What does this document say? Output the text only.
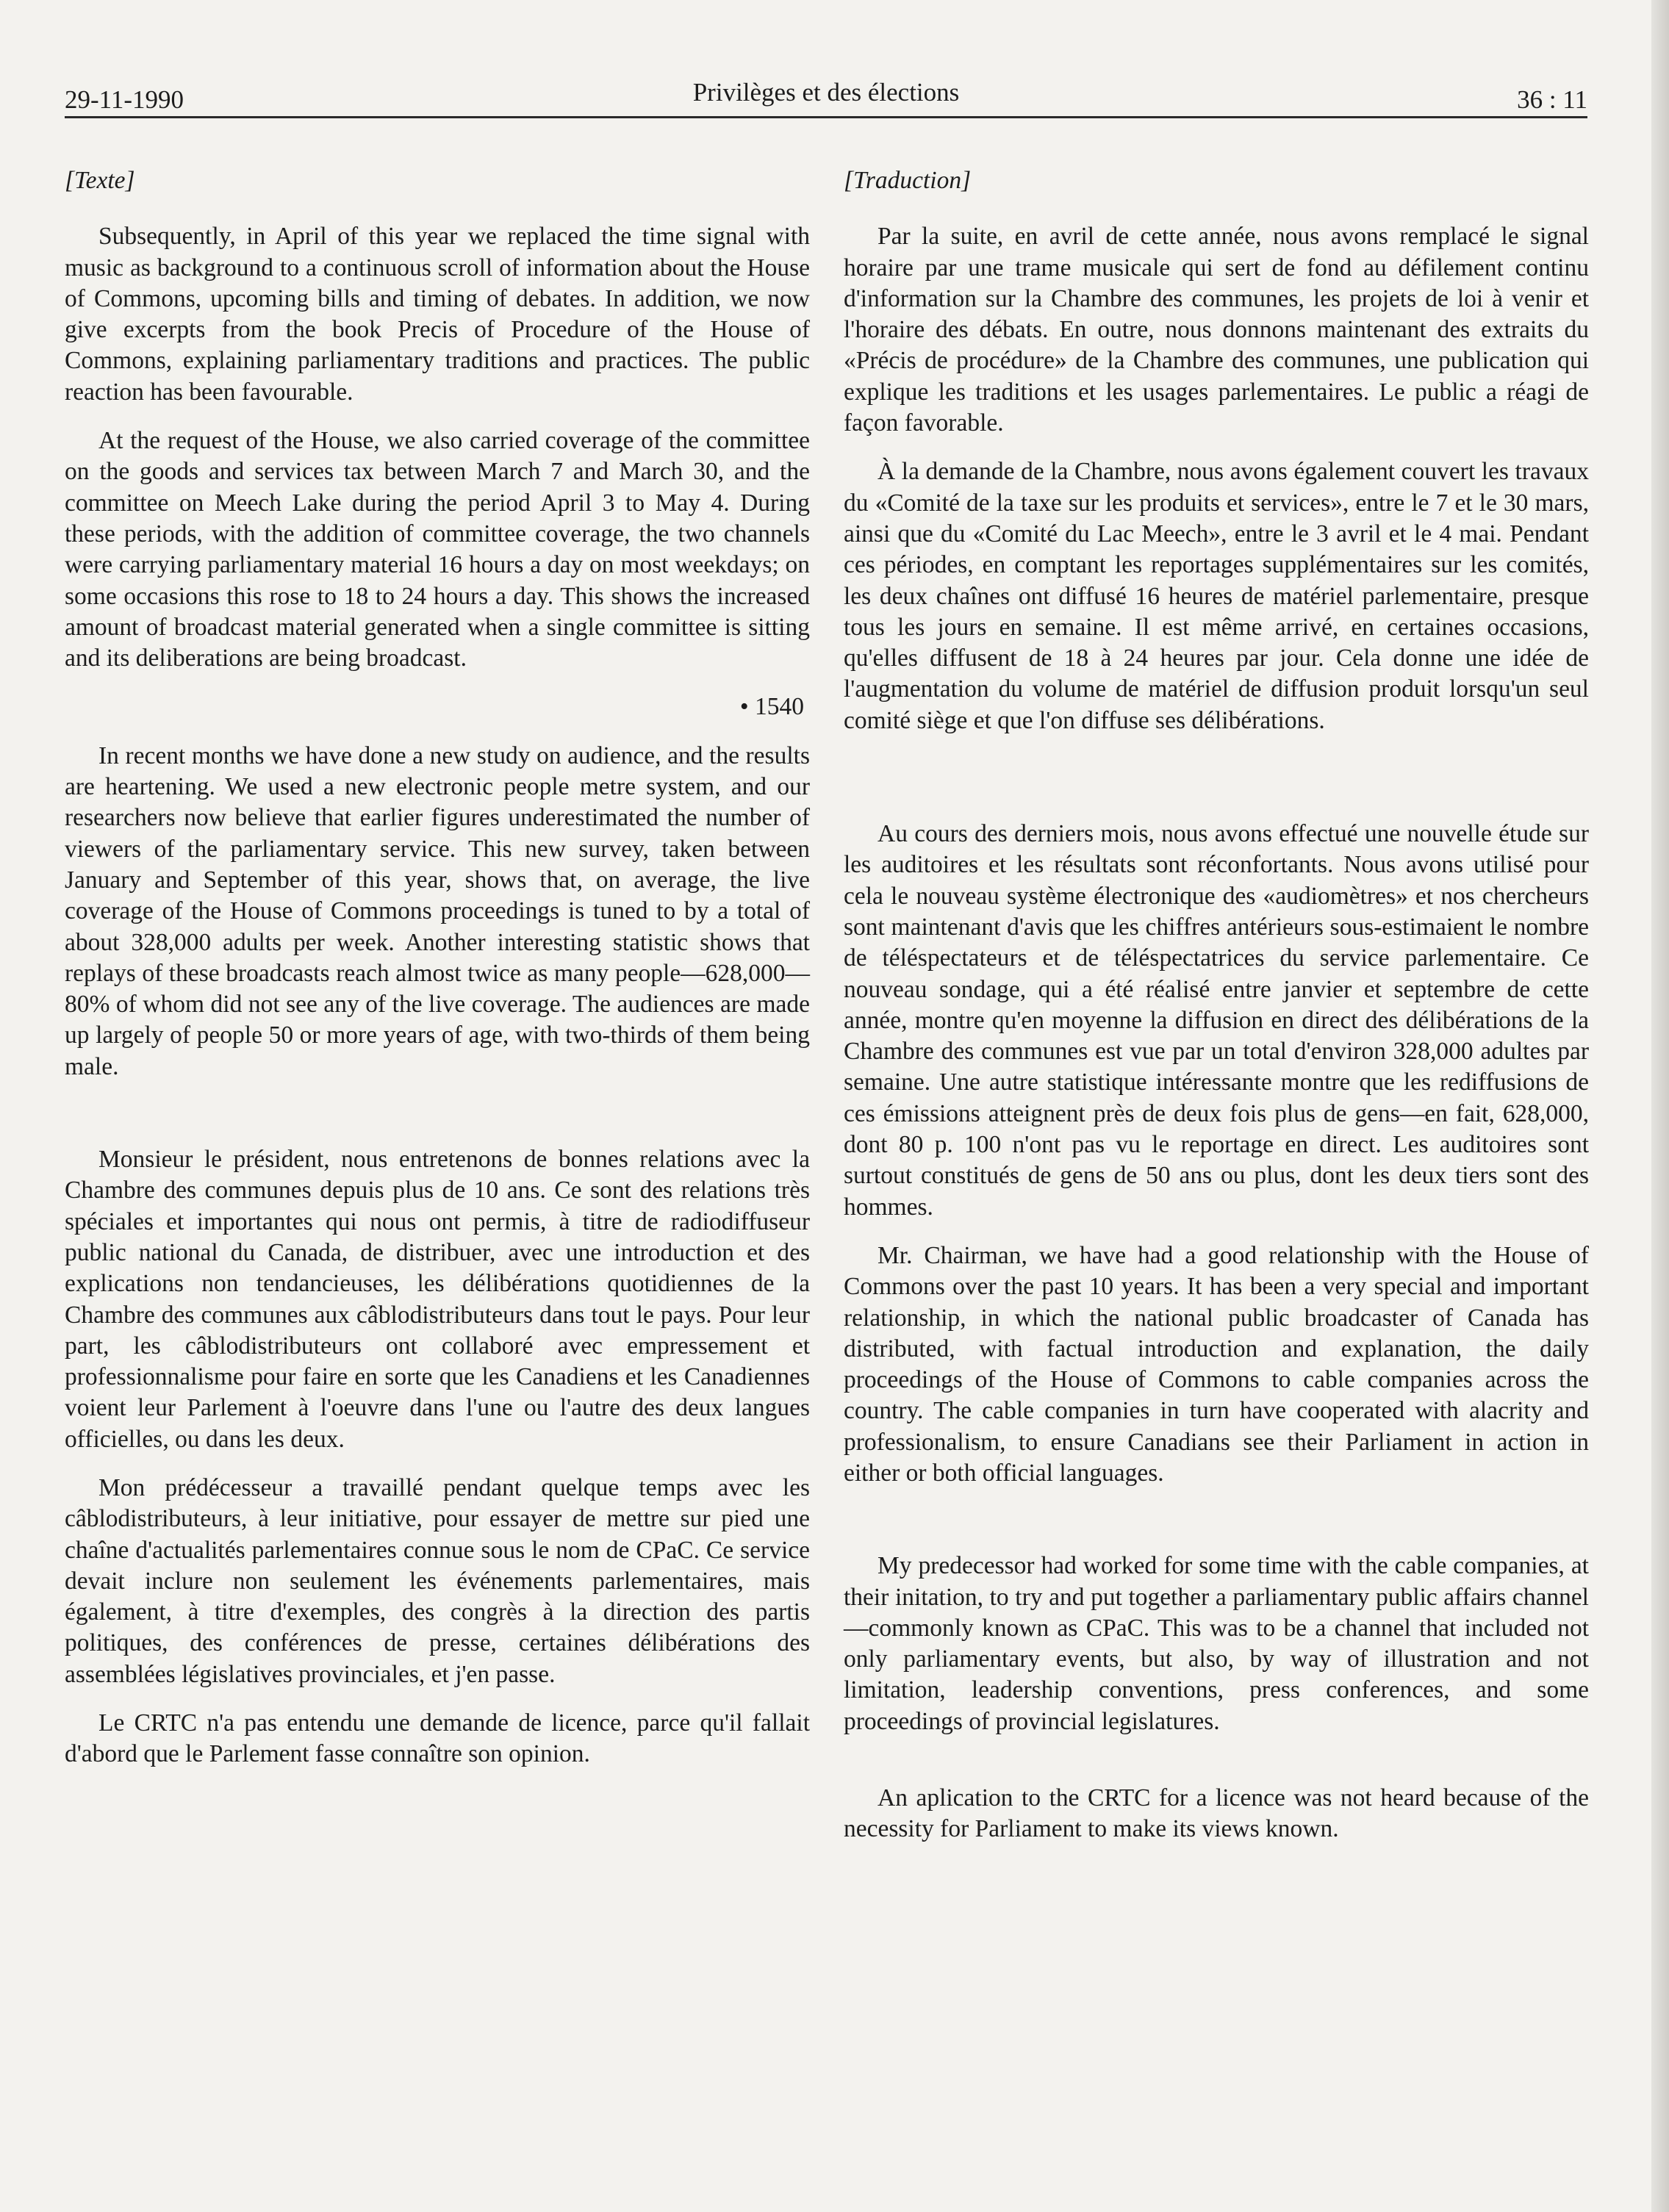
29-11-1990	Privilèges et des élections	36 : 11
[Texte]

Subsequently, in April of this year we replaced the time signal with music as background to a continuous scroll of information about the House of Commons, upcoming bills and timing of debates. In addition, we now give excerpts from the book Precis of Procedure of the House of Commons, explaining parliamentary traditions and practices. The public reaction has been favourable.

At the request of the House, we also carried coverage of the committee on the goods and services tax between March 7 and March 30, and the committee on Meech Lake during the period April 3 to May 4. During these periods, with the addition of committee coverage, the two channels were carrying parliamentary material 16 hours a day on most weekdays; on some occasions this rose to 18 to 24 hours a day. This shows the increased amount of broadcast material generated when a single committee is sitting and its deliberations are being broadcast.

• 1540

In recent months we have done a new study on audience, and the results are heartening. We used a new electronic people metre system, and our researchers now believe that earlier figures underestimated the number of viewers of the parliamentary service. This new survey, taken between January and September of this year, shows that, on average, the live coverage of the House of Commons proceedings is tuned to by a total of about 328,000 adults per week. Another interesting statistic shows that replays of these broadcasts reach almost twice as many people—628,000—80% of whom did not see any of the live coverage. The audiences are made up largely of people 50 or more years of age, with two-thirds of them being male.

Monsieur le président, nous entretenons de bonnes relations avec la Chambre des communes depuis plus de 10 ans. Ce sont des relations très spéciales et importantes qui nous ont permis, à titre de radiodiffuseur public national du Canada, de distribuer, avec une introduction et des explications non tendancieuses, les délibérations quotidiennes de la Chambre des communes aux câblodistributeurs dans tout le pays. Pour leur part, les câblodistributeurs ont collaboré avec empressement et professionnalisme pour faire en sorte que les Canadiens et les Canadiennes voient leur Parlement à l'oeuvre dans l'une ou l'autre des deux langues officielles, ou dans les deux.

Mon prédécesseur a travaillé pendant quelque temps avec les câblodistributeurs, à leur initiative, pour essayer de mettre sur pied une chaîne d'actualités parlementaires connue sous le nom de CPaC. Ce service devait inclure non seulement les événements parlementaires, mais également, à titre d'exemples, des congrès à la direction des partis politiques, des conférences de presse, certaines délibérations des assemblées législatives provinciales, et j'en passe.

Le CRTC n'a pas entendu une demande de licence, parce qu'il fallait d'abord que le Parlement fasse connaître son opinion.

[Traduction]

Par la suite, en avril de cette année, nous avons remplacé le signal horaire par une trame musicale qui sert de fond au défilement continu d'information sur la Chambre des communes, les projets de loi à venir et l'horaire des débats. En outre, nous donnons maintenant des extraits du «Précis de procédure» de la Chambre des communes, une publication qui explique les traditions et les usages parlementaires. Le public a réagi de façon favorable.

À la demande de la Chambre, nous avons également couvert les travaux du «Comité de la taxe sur les produits et services», entre le 7 et le 30 mars, ainsi que du «Comité du Lac Meech», entre le 3 avril et le 4 mai. Pendant ces périodes, en comptant les reportages supplémentaires sur les comités, les deux chaînes ont diffusé 16 heures de matériel parlementaire, presque tous les jours en semaine. Il est même arrivé, en certaines occasions, qu'elles diffusent de 18 à 24 heures par jour. Cela donne une idée de l'augmentation du volume de matériel de diffusion produit lorsqu'un seul comité siège et que l'on diffuse ses délibérations.

Au cours des derniers mois, nous avons effectué une nouvelle étude sur les auditoires et les résultats sont réconfortants. Nous avons utilisé pour cela le nouveau système électronique des «audiomètres» et nos chercheurs sont maintenant d'avis que les chiffres antérieurs sous-estimaient le nombre de téléspectateurs et de téléspectatrices du service parlementaire. Ce nouveau sondage, qui a été réalisé entre janvier et septembre de cette année, montre qu'en moyenne la diffusion en direct des délibérations de la Chambre des communes est vue par un total d'environ 328,000 adultes par semaine. Une autre statistique intéressante montre que les rediffusions de ces émissions atteignent près de deux fois plus de gens—en fait, 628,000, dont 80 p. 100 n'ont pas vu le reportage en direct. Les auditoires sont surtout constitués de gens de 50 ans ou plus, dont les deux tiers sont des hommes.

Mr. Chairman, we have had a good relationship with the House of Commons over the past 10 years. It has been a very special and important relationship, in which the national public broadcaster of Canada has distributed, with factual introduction and explanation, the daily proceedings of the House of Commons to cable companies across the country. The cable companies in turn have cooperated with alacrity and professionalism, to ensure Canadians see their Parliament in action in either or both official languages.

My predecessor had worked for some time with the cable companies, at their initation, to try and put together a parliamentary public affairs channel—commonly known as CPaC. This was to be a channel that included not only parliamentary events, but also, by way of illustration and not limitation, leadership conventions, press conferences, and some proceedings of provincial legislatures.

An aplication to the CRTC for a licence was not heard because of the necessity for Parliament to make its views known.
